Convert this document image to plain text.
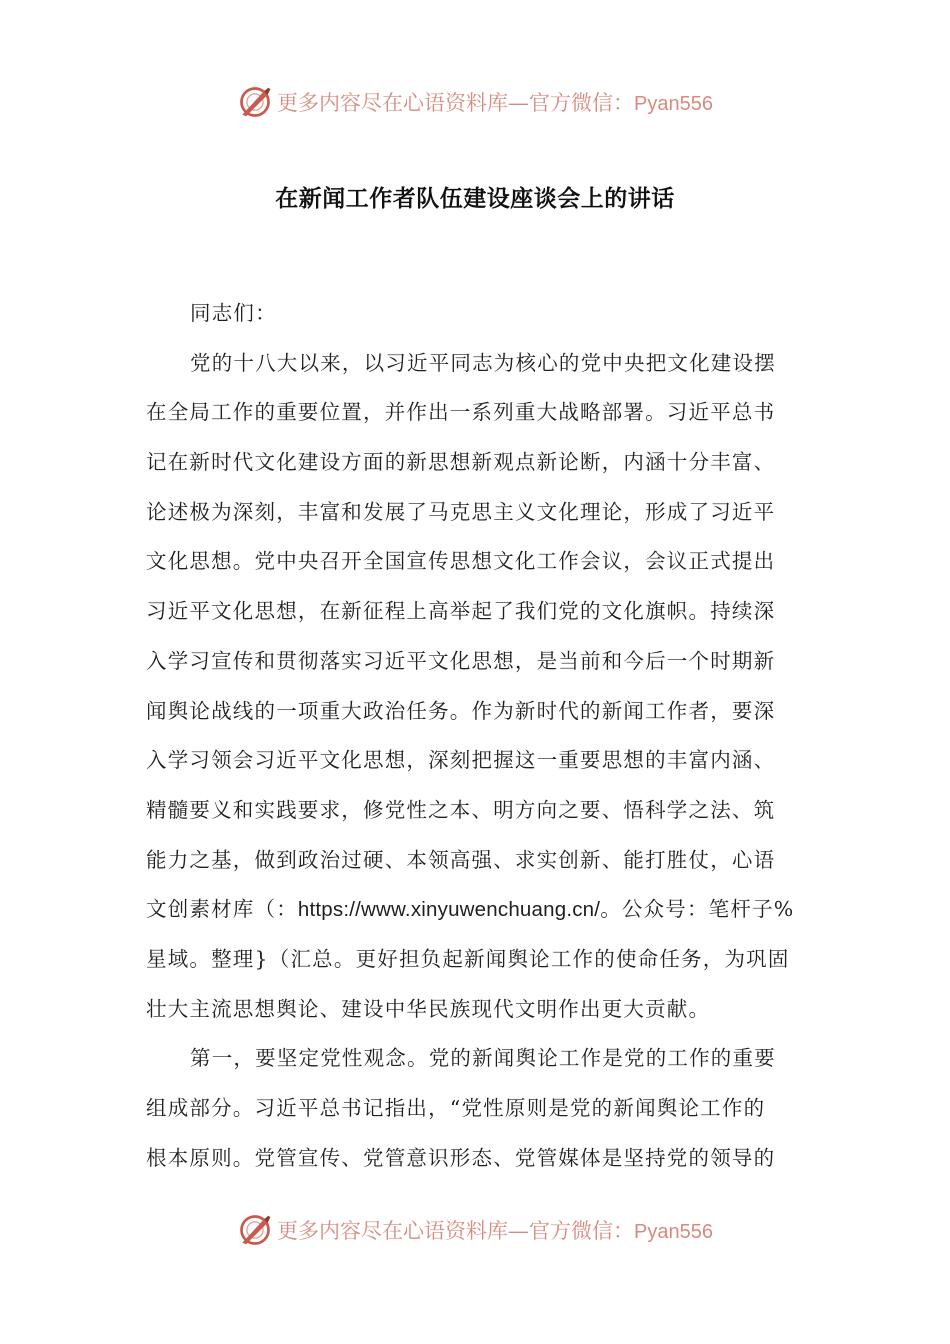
更多内容尽在心语资料库—官方微信：Pyan556
在新闻工作者队伍建设座谈会上的讲话
同志们：
党的十八大以来，以习近平同志为核心的党中央把文化建设摆
在全局工作的重要位置，并作出一系列重大战略部署。习近平总书
记在新时代文化建设方面的新思想新观点新论断，内涵十分丰富、
论述极为深刻，丰富和发展了马克思主义文化理论，形成了习近平
文化思想。党中央召开全国宣传思想文化工作会议，会议正式提出
习近平文化思想，在新征程上高举起了我们党的文化旗帜。持续深
入学习宣传和贯彻落实习近平文化思想，是当前和今后一个时期新
闻舆论战线的一项重大政治任务。作为新时代的新闻工作者，要深
入学习领会习近平文化思想，深刻把握这一重要思想的丰富内涵、
精髓要义和实践要求，修党性之本、明方向之要、悟科学之法、筑
能力之基，做到政治过硬、本领高强、求实创新、能打胜仗，心语
文创素材库（：https://www.xinyuwenchuang.cn/。公众号：笔杆子%
星域。整理}（汇总。更好担负起新闻舆论工作的使命任务，为巩固
壮大主流思想舆论、建设中华民族现代文明作出更大贡献。
第一，要坚定党性观念。党的新闻舆论工作是党的工作的重要
组成部分。习近平总书记指出，“党性原则是党的新闻舆论工作的
根本原则。党管宣传、党管意识形态、党管媒体是坚持党的领导的
更多内容尽在心语资料库—官方微信：Pyan556
